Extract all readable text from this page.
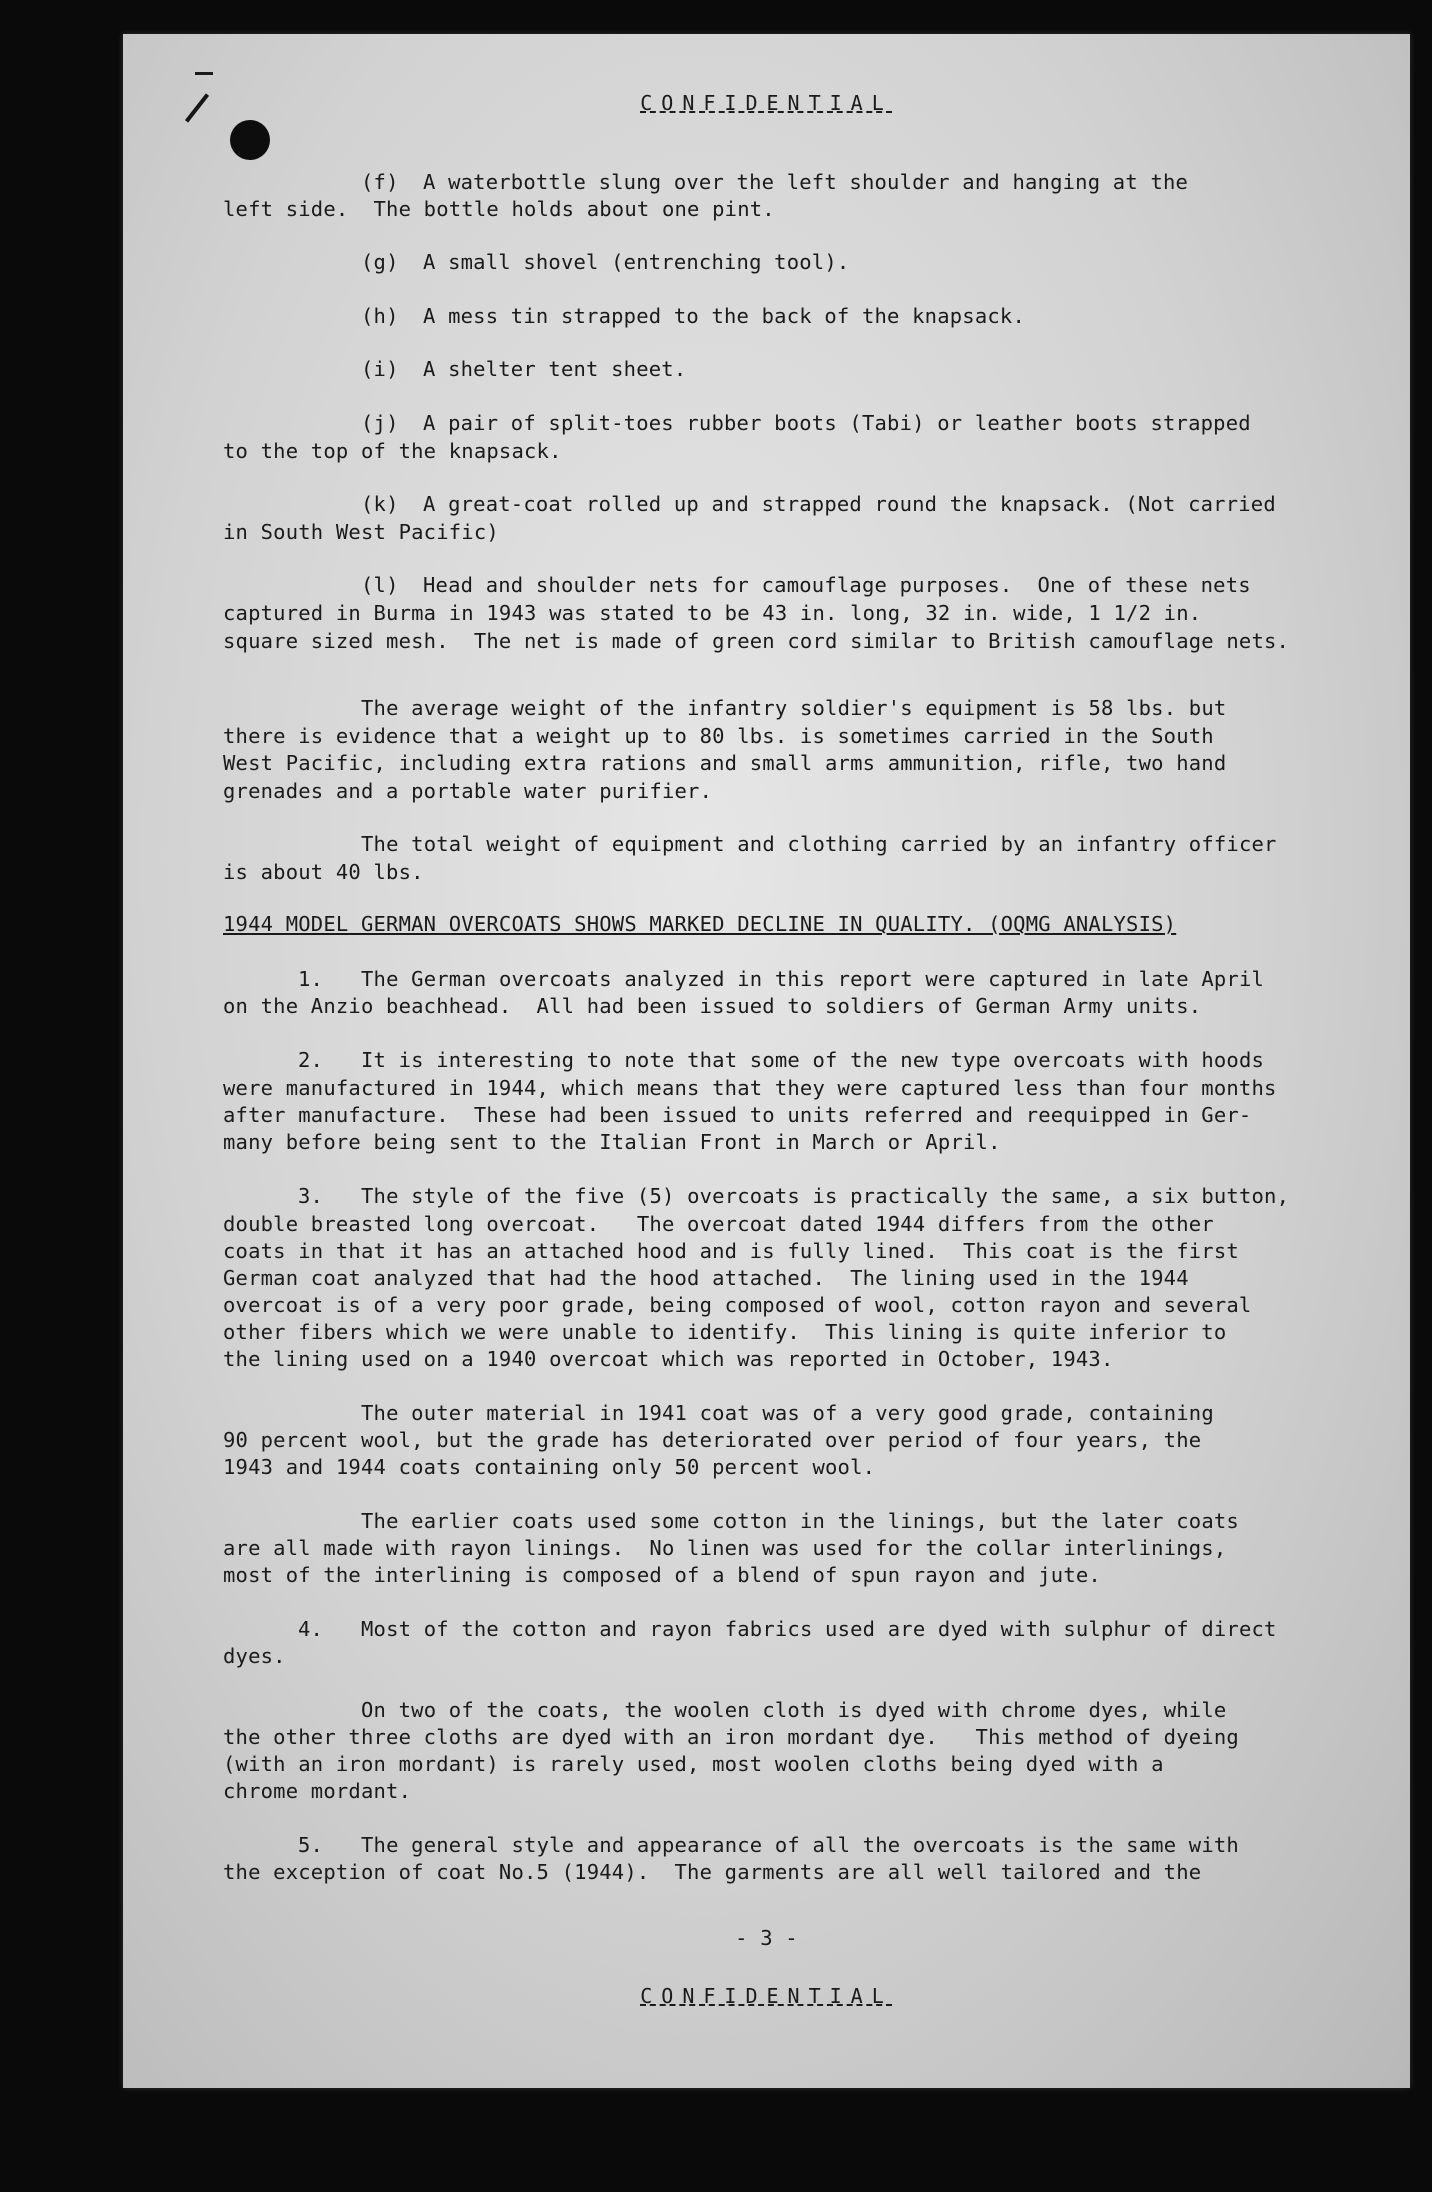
CONFIDENTIAL
(f) A waterbottle slung over the left shoulder and hanging at the
left side.  The bottle holds about one pint.
(g) A small shovel (entrenching tool).
(h) A mess tin strapped to the back of the knapsack.
(i) A shelter tent sheet.
(j) A pair of split-toes rubber boots (Tabi) or leather boots strapped
to the top of the knapsack.
(k) A great-coat rolled up and strapped round the knapsack. (Not carried
in South West Pacific)
(l) Head and shoulder nets for camouflage purposes.  One of these nets
captured in Burma in 1943 was stated to be 43 in. long, 32 in. wide, 1 1/2 in.
square sized mesh.  The net is made of green cord similar to British camouflage nets.
The average weight of the infantry soldier's equipment is 58 lbs. but
there is evidence that a weight up to 80 lbs. is sometimes carried in the South
West Pacific, including extra rations and small arms ammunition, rifle, two hand
grenades and a portable water purifier.
The total weight of equipment and clothing carried by an infantry officer
is about 40 lbs.
1944 MODEL GERMAN OVERCOATS SHOWS MARKED DECLINE IN QUALITY. (OQMG ANALYSIS)
1. The German overcoats analyzed in this report were captured in late April
on the Anzio beachhead.  All had been issued to soldiers of German Army units.
2. It is interesting to note that some of the new type overcoats with hoods
were manufactured in 1944, which means that they were captured less than four months
after manufacture.  These had been issued to units referred and reequipped in Ger-
many before being sent to the Italian Front in March or April.
3. The style of the five (5) overcoats is practically the same, a six button,
double breasted long overcoat.   The overcoat dated 1944 differs from the other
coats in that it has an attached hood and is fully lined.  This coat is the first
German coat analyzed that had the hood attached.  The lining used in the 1944
overcoat is of a very poor grade, being composed of wool, cotton rayon and several
other fibers which we were unable to identify.  This lining is quite inferior to
the lining used on a 1940 overcoat which was reported in October, 1943.
The outer material in 1941 coat was of a very good grade, containing
90 percent wool, but the grade has deteriorated over period of four years, the
1943 and 1944 coats containing only 50 percent wool.
The earlier coats used some cotton in the linings, but the later coats
are all made with rayon linings.  No linen was used for the collar interlinings,
most of the interlining is composed of a blend of spun rayon and jute.
4. Most of the cotton and rayon fabrics used are dyed with sulphur of direct
dyes.
On two of the coats, the woolen cloth is dyed with chrome dyes, while
the other three cloths are dyed with an iron mordant dye.   This method of dyeing
(with an iron mordant) is rarely used, most woolen cloths being dyed with a
chrome mordant.
5. The general style and appearance of all the overcoats is the same with
the exception of coat No.5 (1944).  The garments are all well tailored and the
- 3 -
CONFIDENTIAL
